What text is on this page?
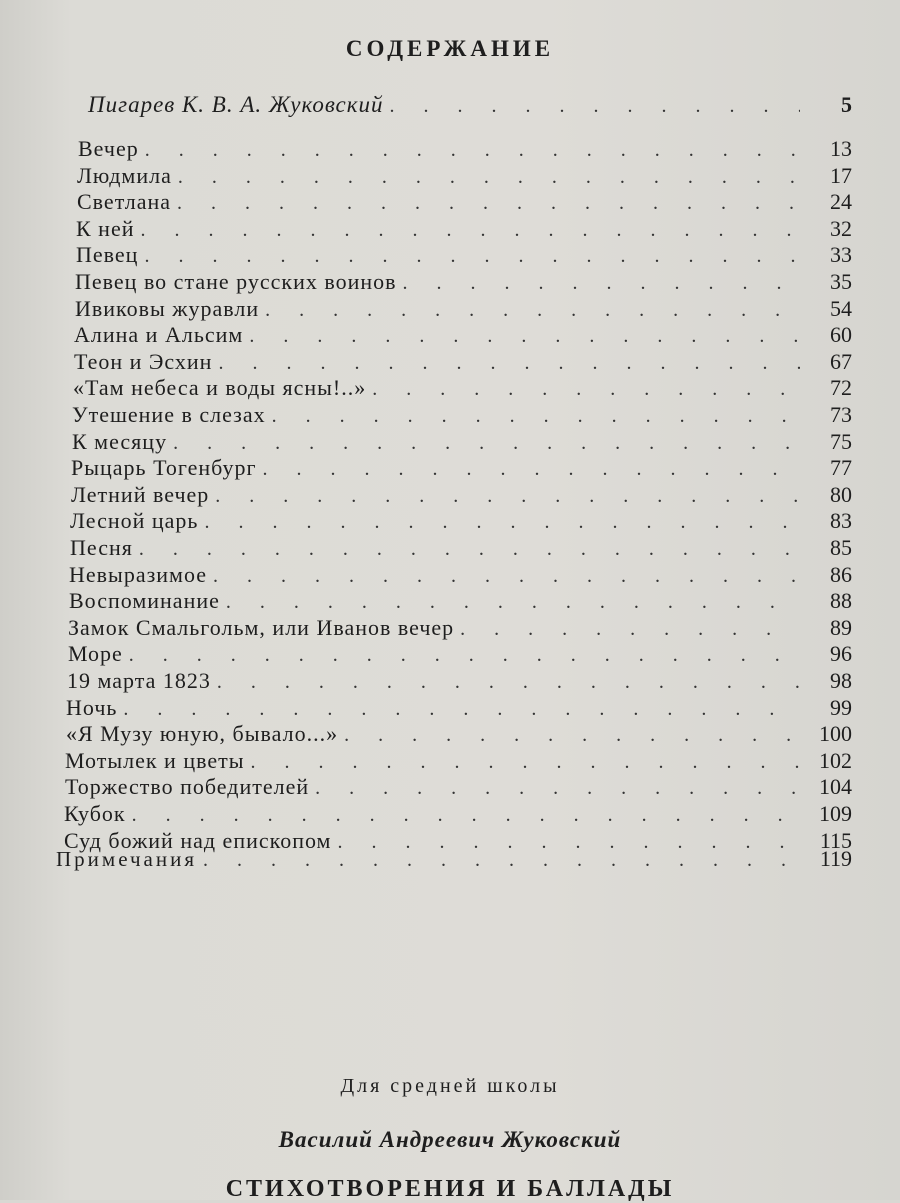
СОДЕРЖАНИЕ
Пигарев К. В. А. Жуковский . . .	5
Вечер . . .	13
Людмила . . .	17
Светлана . . .	24
К ней . . .	32
Певец . . .	33
Певец во стане русских воинов . . .	35
Ивиковы журавли . . .	54
Алина и Альсим . . .	60
Теон и Эсхин . . .	67
«Там небеса и воды ясны!..» . . .	72
Утешение в слезах . . .	73
К месяцу . . .	75
Рыцарь Тогенбург . . .	77
Летний вечер . . .	80
Лесной царь . . .	83
Песня . . .	85
Невыразимое . . .	86
Воспоминание . . .	88
Замок Смальгольм, или Иванов вечер . . .	89
Море . . .	96
19 марта 1823 . . .	98
Ночь . . .	99
«Я Музу юную, бывало...» . . .	100
Мотылек и цветы . . .	102
Торжество победителей . . .	104
Кубок . . .	109
Суд божий над епископом . . .	115
Примечания . . .	119
Для средней школы
Василий Андреевич Жуковский
СТИХОТВОРЕНИЯ И БАЛЛАДЫ
